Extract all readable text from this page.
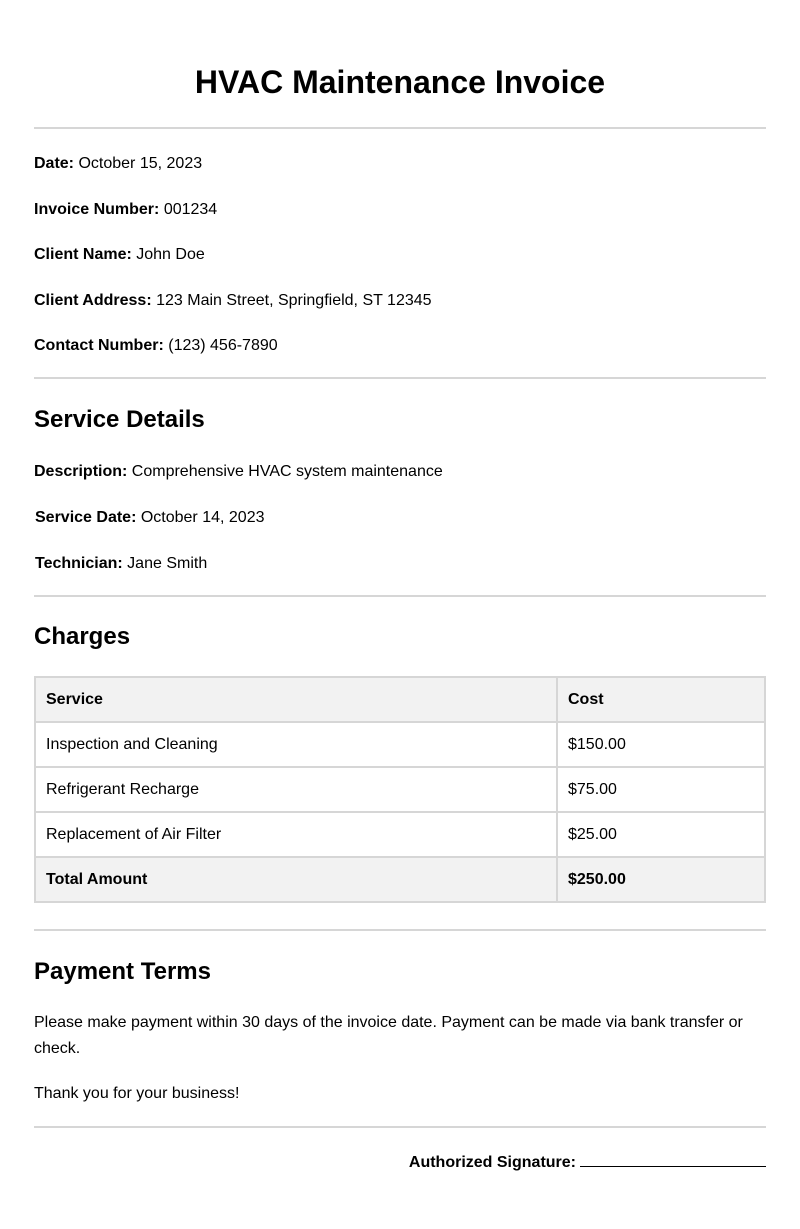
HVAC Maintenance Invoice
Date: October 15, 2023
Invoice Number: 001234
Client Name: John Doe
Client Address: 123 Main Street, Springfield, ST 12345
Contact Number: (123) 456-7890
Service Details
Description: Comprehensive HVAC system maintenance
Service Date: October 14, 2023
Technician: Jane Smith
Charges
Service	Cost
Inspection and Cleaning	$150.00
Refrigerant Recharge	$75.00
Replacement of Air Filter	$25.00
Total Amount	$250.00
Payment Terms

Please make payment within 30 days of the invoice date. Payment can be made via bank transfer or check.

Thank you for your business!

Authorized Signature:
